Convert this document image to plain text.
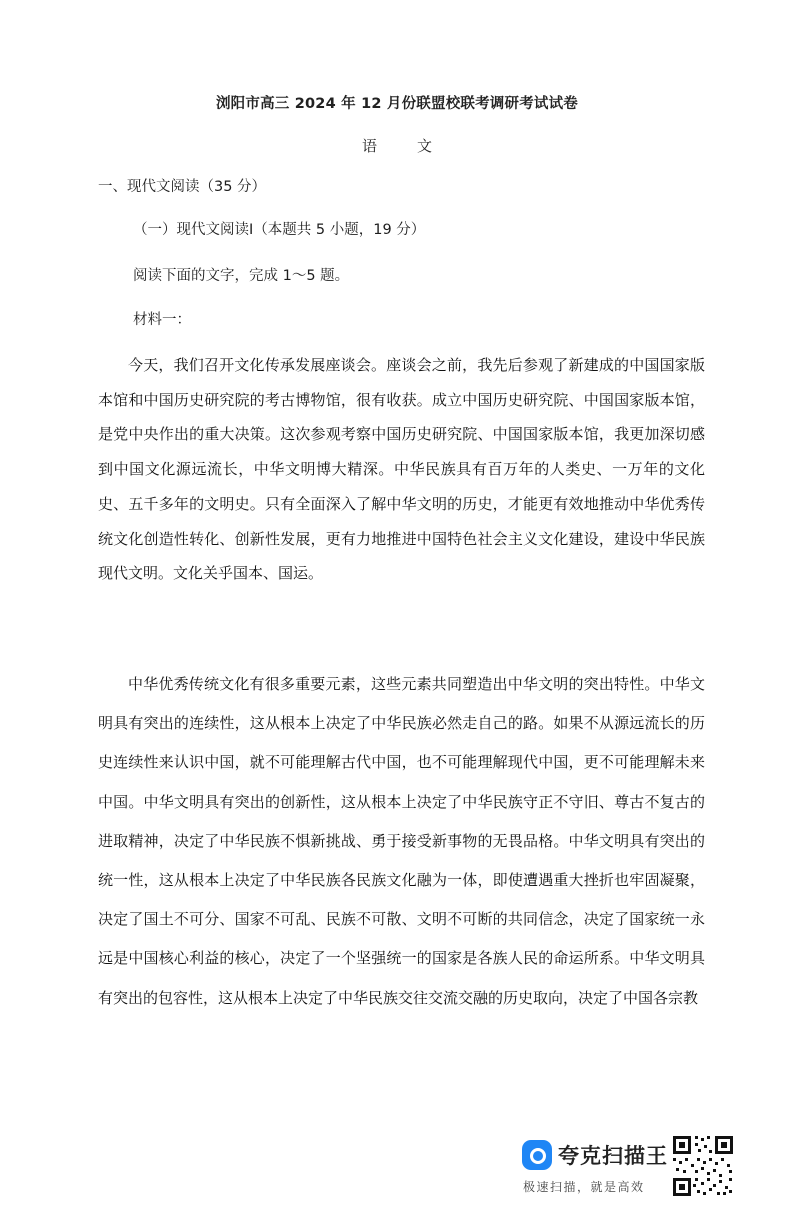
浏阳市高三 2024 年 12 月份联盟校联考调研考试试卷
语	文
一、现代文阅读（35 分）
（一）现代文阅读Ⅰ（本题共 5 小题，19 分）
阅读下面的文字，完成 1～5 题。
材料一：
今天，我们召开文化传承发展座谈会。座谈会之前，我先后参观了新建成的中国国家版本馆和中国历史研究院的考古博物馆，很有收获。成立中国历史研究院、中国国家版本馆，是党中央作出的重大决策。这次参观考察中国历史研究院、中国国家版本馆，我更加深切感到中国文化源远流长，中华文明博大精深。中华民族具有百万年的人类史、一万年的文化史、五千多年的文明史。只有全面深入了解中华文明的历史，才能更有效地推动中华优秀传统文化创造性转化、创新性发展，更有力地推进中国特色社会主义文化建设，建设中华民族现代文明。文化关乎国本、国运。
中华优秀传统文化有很多重要元素，这些元素共同塑造出中华文明的突出特性。中华文明具有突出的连续性，这从根本上决定了中华民族必然走自己的路。如果不从源远流长的历史连续性来认识中国，就不可能理解古代中国，也不可能理解现代中国，更不可能理解未来中国。中华文明具有突出的创新性，这从根本上决定了中华民族守正不守旧、尊古不复古的进取精神，决定了中华民族不惧新挑战、勇于接受新事物的无畏品格。中华文明具有突出的统一性，这从根本上决定了中华民族各民族文化融为一体，即使遭遇重大挫折也牢固凝聚，决定了国土不可分、国家不可乱、民族不可散、文明不可断的共同信念，决定了国家统一永远是中国核心利益的核心，决定了一个坚强统一的国家是各族人民的命运所系。中华文明具有突出的包容性，这从根本上决定了中华民族交往交流交融的历史取向，决定了中国各宗教
夸克扫描王
极速扫描，就是高效
